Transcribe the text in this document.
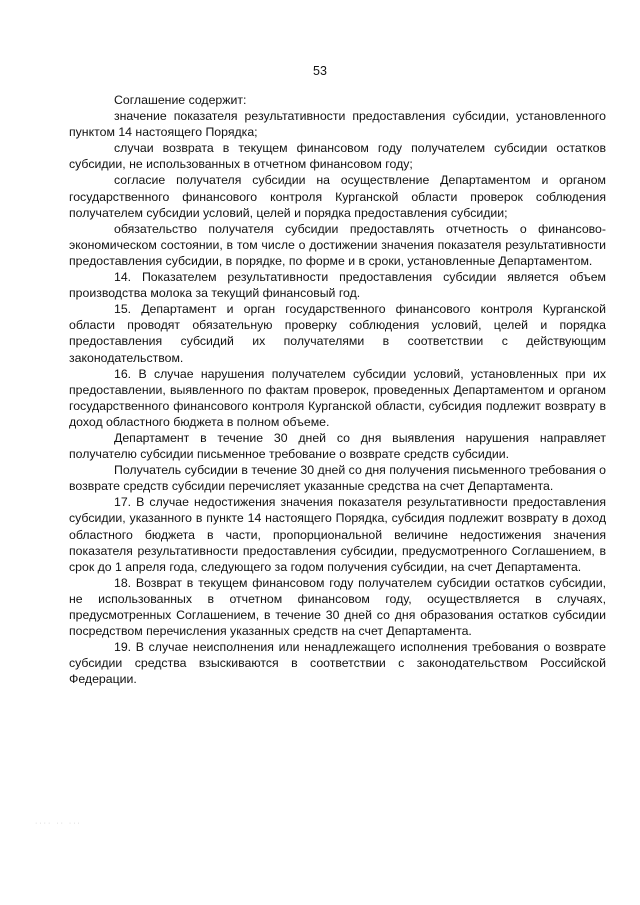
53

Соглашение содержит:

значение показателя результативности предоставления субсидии, установленного пунктом 14 настоящего Порядка;

случаи возврата в текущем финансовом году получателем субсидии остатков субсидии, не использованных в отчетном финансовом году;

согласие получателя субсидии на осуществление Департаментом и органом государственного финансового контроля Курганской области проверок соблюдения получателем субсидии условий, целей и порядка предоставления субсидии;

обязательство получателя субсидии предоставлять отчетность о финансово-экономическом состоянии, в том числе о достижении значения показателя результативности предоставления субсидии, в порядке, по форме и в сроки, установленные Департаментом.

14. Показателем результативности предоставления субсидии является объем производства молока за текущий финансовый год.

15. Департамент и орган государственного финансового контроля Курганской области проводят обязательную проверку соблюдения условий, целей и порядка предоставления субсидий их получателями в соответствии с действующим законодательством.

16. В случае нарушения получателем субсидии условий, установленных при их предоставлении, выявленного по фактам проверок, проведенных Департаментом и органом государственного финансового контроля Курганской области, субсидия подлежит возврату в доход областного бюджета в полном объеме.

Департамент в течение 30 дней со дня выявления нарушения направляет получателю субсидии письменное требование о возврате средств субсидии.

Получатель субсидии в течение 30 дней со дня получения письменного требования о возврате средств субсидии перечисляет указанные средства на счет Департамента.

17. В случае недостижения значения показателя результативности предоставления субсидии, указанного в пункте 14 настоящего Порядка, субсидия подлежит возврату в доход областного бюджета в части, пропорциональной величине недостижения значения показателя результативности предоставления субсидии, предусмотренного Соглашением, в срок до 1 апреля года, следующего за годом получения субсидии, на счет Департамента.

18. Возврат в текущем финансовом году получателем субсидии остатков субсидии, не использованных в отчетном финансовом году, осуществляется в случаях, предусмотренных Соглашением, в течение 30 дней со дня образования остатков субсидии посредством перечисления указанных средств на счет Департамента.

19. В случае неисполнения или ненадлежащего исполнения требования о возврате субсидии средства взыскиваются в соответствии с законодательством Российской Федерации.

···· ·· ···
